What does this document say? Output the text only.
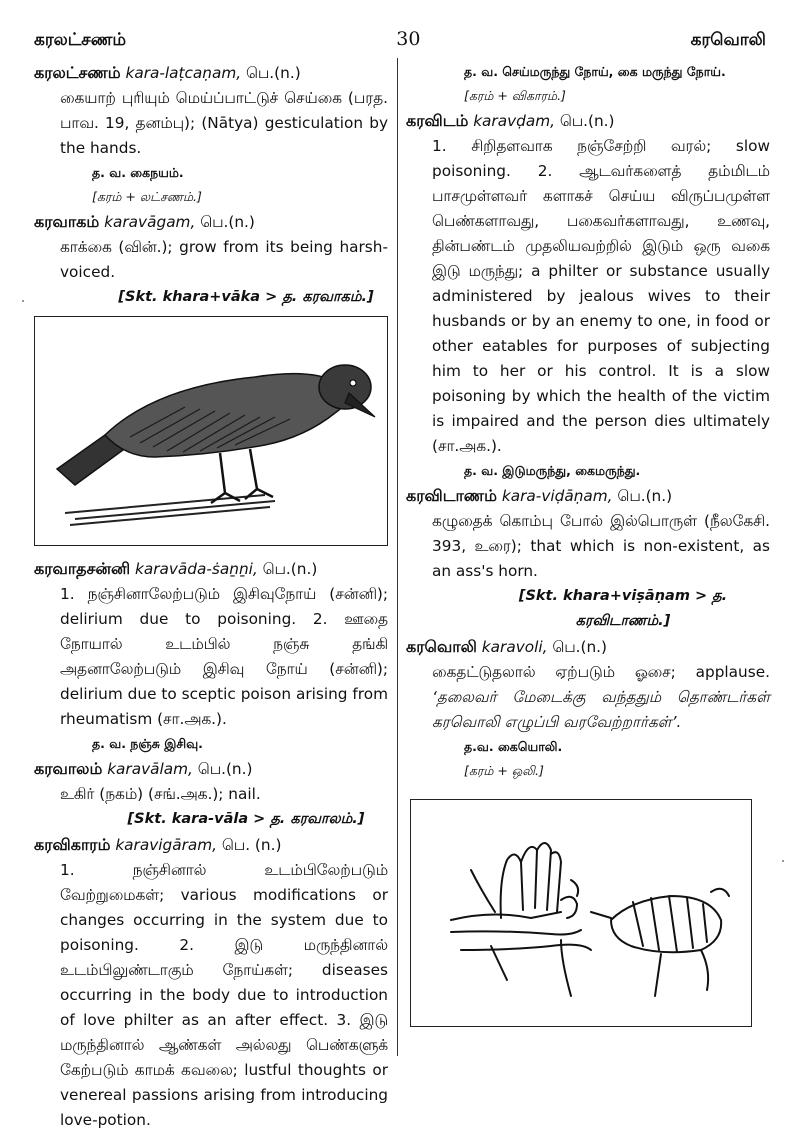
கரலட்சணம்	30	கரவொலி
கரலட்சணம் kara-laṭcaṇam, பெ.(n.)
கையாற் புரியும் மெய்ப்பாட்டுச் செய்கை (பரத. பாவ. 19, தனம்பு); (Nātya) gesticulation by the hands.
த. வ. கைநயம்.
[கரம் + லட்சணம்.]
கரவாகம் karavāgam, பெ.(n.)
காக்கை (வின்.); grow from its being harsh-voiced.
[Skt. khara+vāka > த. கரவாகம்.]
கரவாதசன்னி karavāda-ṡaṉṉi, பெ.(n.)
1. நஞ்சினாலேற்படும் இசிவுநோய் (சன்னி); delirium due to poisoning. 2. ஊதை நோயால் உடம்பில் நஞ்சு தங்கி அதனாலேற்படும் இசிவு நோய் (சன்னி); delirium due to sceptic poison arising from rheumatism (சா.அக.).
த. வ. நஞ்சு இசிவு.
கரவாலம் karavālam, பெ.(n.)
உகிர் (நகம்) (சங்.அக.); nail.
[Skt. kara-vāla > த. கரவாலம்.]
கரவிகாரம் karavigāram, பெ. (n.)
1. நஞ்சினால் உடம்பிலேற்படும் வேற்றுமைகள்; various modifications or changes occurring in the system due to poisoning. 2. இடு மருந்தினால் உடம்பிலுண்டாகும் நோய்கள்; diseases occurring in the body due to introduction of love philter as an after effect. 3. இடு மருந்தினால் ஆண்கள் அல்லது பெண்களுக் கேற்படும் காமக் கவலை; lustful thoughts or venereal passions arising from introducing love-potion.
த. வ. செய்மருந்து நோய், கை மருந்து நோய்.
[கரம் + விகாரம்.]
கரவிடம் karavḍam, பெ.(n.)
1. சிறிதளவாக நஞ்சேற்றி வரல்; slow poisoning. 2. ஆடவர்களைத் தம்மிடம் பாசமுள்ளவர் களாகச் செய்ய விருப்பமுள்ள பெண்களாவது, பகைவர்களாவது, உணவு, தின்பண்டம் முதலியவற்றில் இடும் ஒரு வகை இடு மருந்து; a philter or substance usually administered by jealous wives to their husbands or by an enemy to one, in food or other eatables for purposes of subjecting him to her or his control. It is a slow poisoning by which the health of the victim is impaired and the person dies ultimately (சா.அக.).
த. வ. இடுமருந்து, கைமருந்து.
கரவிடாணம் kara-viḍāṇam, பெ.(n.)
கழுதைக் கொம்பு போல் இல்பொருள் (நீலகேசி. 393, உரை); that which is non-existent, as an ass's horn.
[Skt. khara+viṣāṇam > த. கரவிடாணம்.]
கரவொலி karavoli, பெ.(n.)
கைதட்டுதலால் ஏற்படும் ஓசை; applause. ‘தலைவர் மேடைக்கு வந்ததும் தொண்டர்கள் கரவொலி எழுப்பி வரவேற்றார்கள்’.
த.வ. கையொலி.
[கரம் + ஒலி.]
